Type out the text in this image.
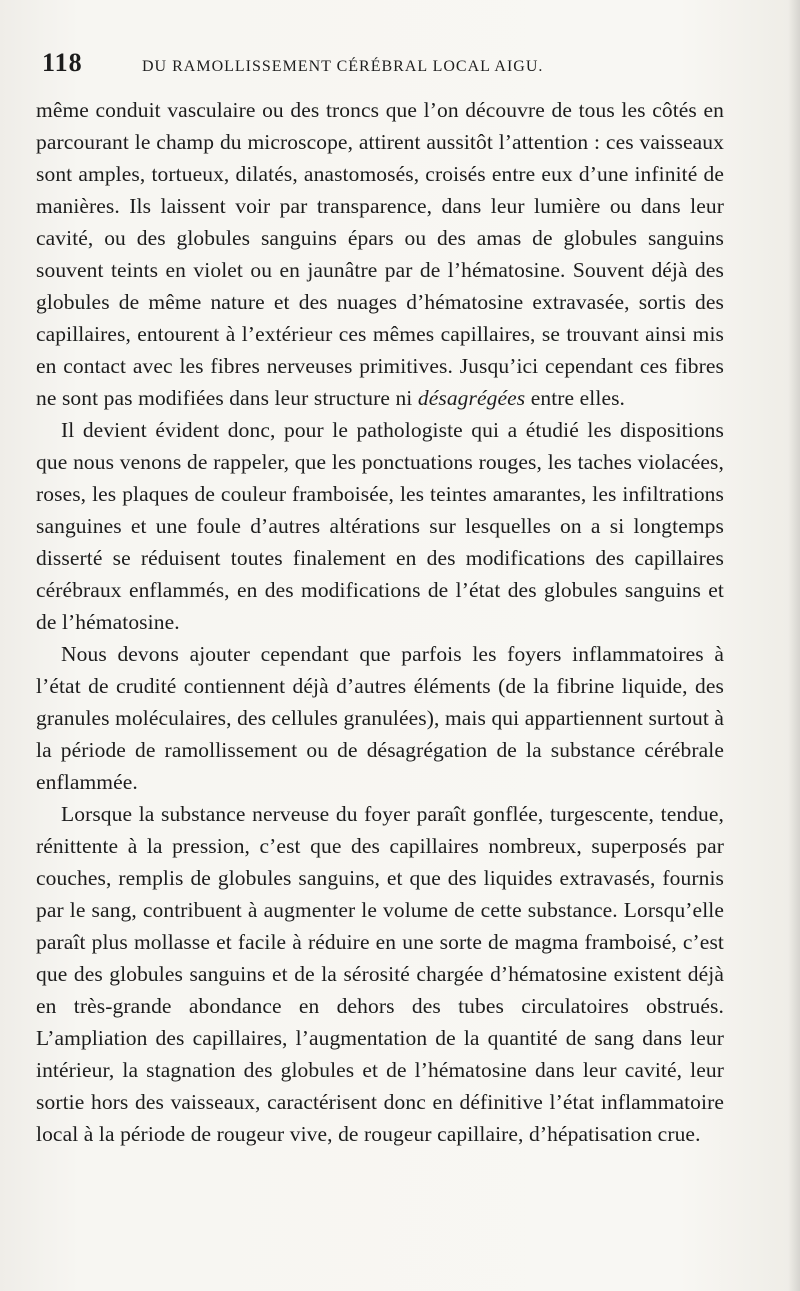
118	DU RAMOLLISSEMENT CÉRÉBRAL LOCAL AIGU.

même conduit vasculaire ou des troncs que l’on découvre de tous les côtés en parcourant le champ du microscope, attirent aussitôt l’attention : ces vaisseaux sont amples, tortueux, dilatés, anastomosés, croisés entre eux d’une infinité de manières. Ils laissent voir par transparence, dans leur lumière ou dans leur cavité, ou des globules sanguins épars ou des amas de globules sanguins souvent teints en violet ou en jaunâtre par de l’hématosine. Souvent déjà des globules de même nature et des nuages d’hématosine extravasée, sortis des capillaires, entourent à l’extérieur ces mêmes capillaires, se trouvant ainsi mis en contact avec les fibres nerveuses primitives. Jusqu’ici cependant ces fibres ne sont pas modifiées dans leur structure ni désagrégées entre elles.

Il devient évident donc, pour le pathologiste qui a étudié les dispositions que nous venons de rappeler, que les ponctuations rouges, les taches violacées, roses, les plaques de couleur framboisée, les teintes amarantes, les infiltrations sanguines et une foule d’autres altérations sur lesquelles on a si longtemps disserté se réduisent toutes finalement en des modifications des capillaires cérébraux enflammés, en des modifications de l’état des globules sanguins et de l’hématosine.

Nous devons ajouter cependant que parfois les foyers inflammatoires à l’état de crudité contiennent déjà d’autres éléments (de la fibrine liquide, des granules moléculaires, des cellules granulées), mais qui appartiennent surtout à la période de ramollissement ou de désagrégation de la substance cérébrale enflammée.

Lorsque la substance nerveuse du foyer paraît gonflée, turgescente, tendue, rénittente à la pression, c’est que des capillaires nombreux, superposés par couches, remplis de globules sanguins, et que des liquides extravasés, fournis par le sang, contribuent à augmenter le volume de cette substance. Lorsqu’elle paraît plus mollasse et facile à réduire en une sorte de magma framboisé, c’est que des globules sanguins et de la sérosité chargée d’hématosine existent déjà en très-grande abondance en dehors des tubes circulatoires obstrués. L’ampliation des capillaires, l’augmentation de la quantité de sang dans leur intérieur, la stagnation des globules et de l’hématosine dans leur cavité, leur sortie hors des vaisseaux, caractérisent donc en définitive l’état inflammatoire local à la période de rougeur vive, de rougeur capillaire, d’hépatisation crue.
